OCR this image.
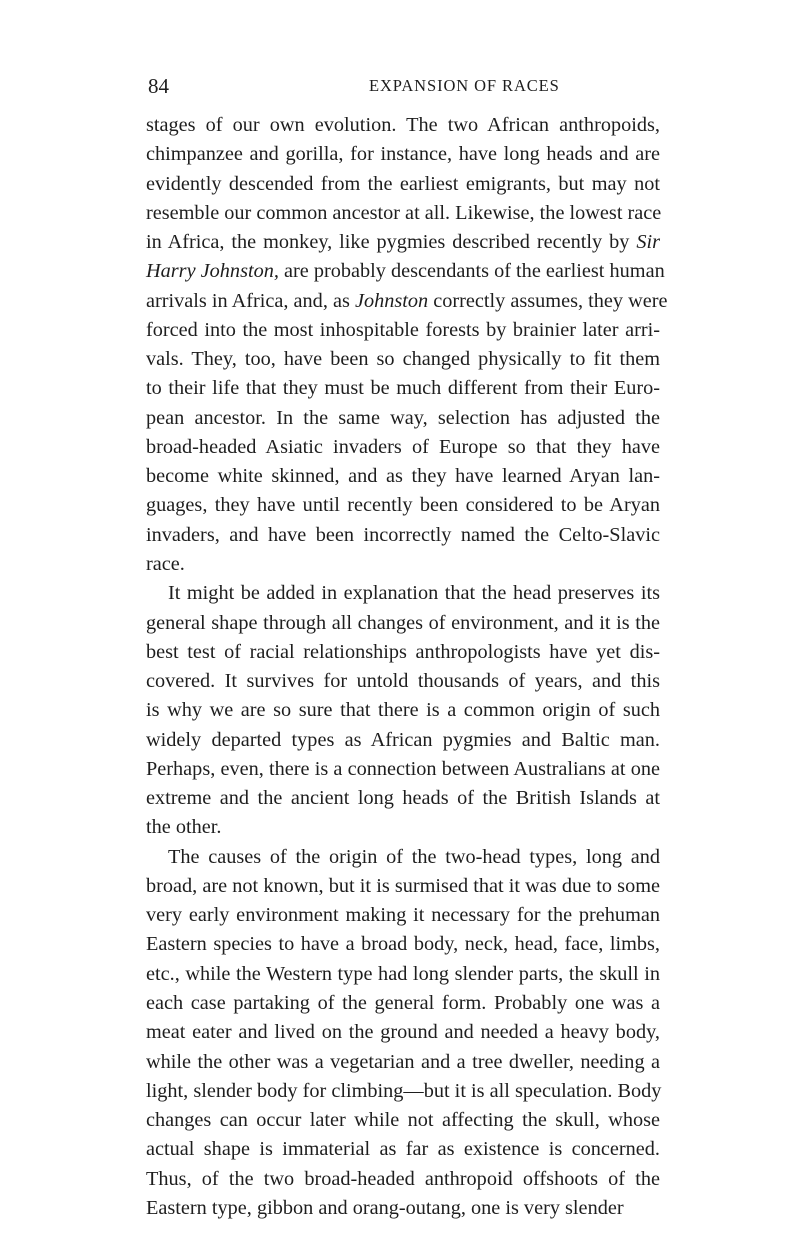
84	EXPANSION OF RACES
stages of our own evolution. The two African anthropoids,
chimpanzee and gorilla, for instance, have long heads and are
evidently descended from the earliest emigrants, but may not
resemble our common ancestor at all. Likewise, the lowest race
in Africa, the monkey, like pygmies described recently by Sir
Harry Johnston, are probably descendants of the earliest human
arrivals in Africa, and, as Johnston correctly assumes, they were
forced into the most inhospitable forests by brainier later arri-
vals. They, too, have been so changed physically to fit them
to their life that they must be much different from their Euro-
pean ancestor. In the same way, selection has adjusted the
broad-headed Asiatic invaders of Europe so that they have
become white skinned, and as they have learned Aryan lan-
guages, they have until recently been considered to be Aryan
invaders, and have been incorrectly named the Celto-Slavic
race.
It might be added in explanation that the head preserves its
general shape through all changes of environment, and it is the
best test of racial relationships anthropologists have yet dis-
covered. It survives for untold thousands of years, and this
is why we are so sure that there is a common origin of such
widely departed types as African pygmies and Baltic man.
Perhaps, even, there is a connection between Australians at one
extreme and the ancient long heads of the British Islands at
the other.
The causes of the origin of the two-head types, long and
broad, are not known, but it is surmised that it was due to some
very early environment making it necessary for the prehuman
Eastern species to have a broad body, neck, head, face, limbs,
etc., while the Western type had long slender parts, the skull in
each case partaking of the general form. Probably one was a
meat eater and lived on the ground and needed a heavy body,
while the other was a vegetarian and a tree dweller, needing a
light, slender body for climbing—but it is all speculation. Body
changes can occur later while not affecting the skull, whose
actual shape is immaterial as far as existence is concerned.
Thus, of the two broad-headed anthropoid offshoots of the
Eastern type, gibbon and orang-outang, one is very slender
